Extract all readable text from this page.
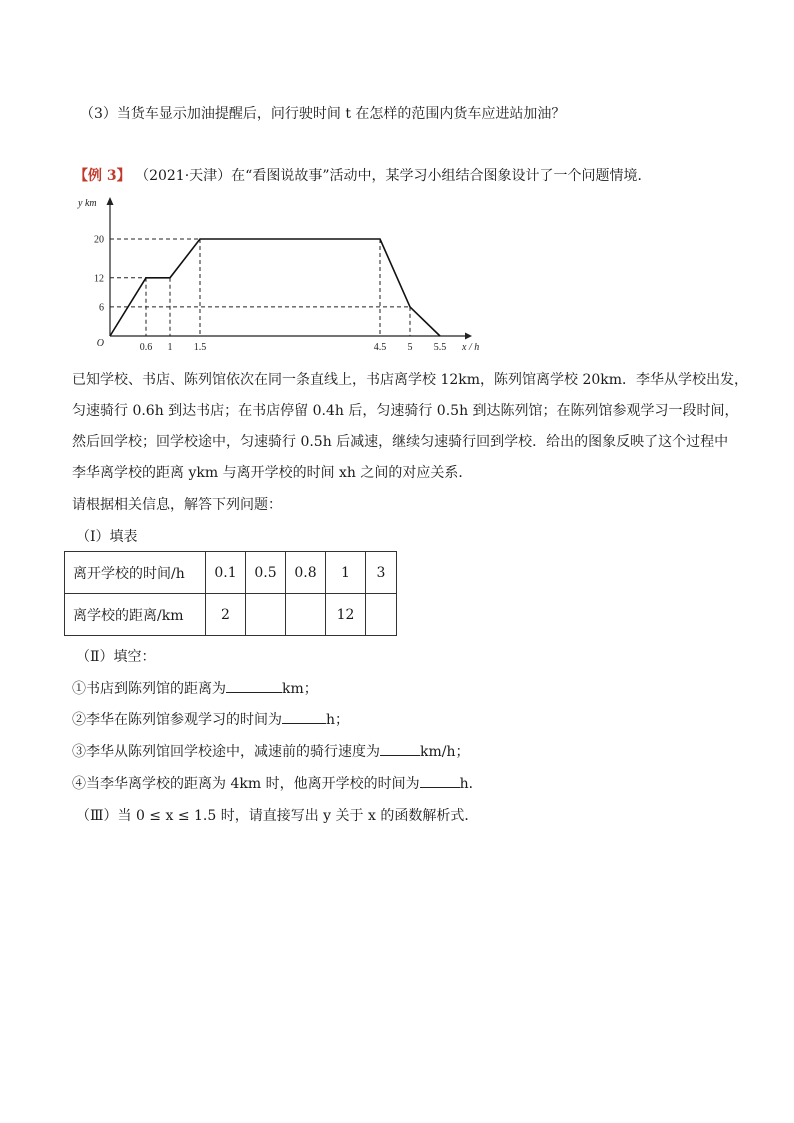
（3）当货车显示加油提醒后，问行驶时间 t 在怎样的范围内货车应进站加油？
【例 3】 （2021·天津）在“看图说故事”活动中，某学习小组结合图象设计了一个问题情境．
0.6 1 1.5	4.5 5 5.5
20
12
6
O	x / h
y km
已知学校、书店、陈列馆依次在同一条直线上，书店离学校 12km，陈列馆离学校 20km．李华从学校出发，
匀速骑行 0.6h 到达书店；在书店停留 0.4h 后，匀速骑行 0.5h 到达陈列馆；在陈列馆参观学习一段时间，
然后回学校；回学校途中，匀速骑行 0.5h 后减速，继续匀速骑行回到学校．给出的图象反映了这个过程中
李华离学校的距离 ykm 与离开学校的时间 xh 之间的对应关系．
请根据相关信息，解答下列问题：
（Ⅰ）填表
离开学校的时间/h	0.1	0.5	0.8	1	3
离学校的距离/km	2			12	
（Ⅱ）填空：
①书店到陈列馆的距离为	km；
②李华在陈列馆参观学习的时间为	h；
③李华从陈列馆回学校途中，减速前的骑行速度为	km/h；
④当李华离学校的距离为 4km 时，他离开学校的时间为	h．
（Ⅲ）当 0 ≤ x ≤ 1.5 时，请直接写出 y 关于 x 的函数解析式．
